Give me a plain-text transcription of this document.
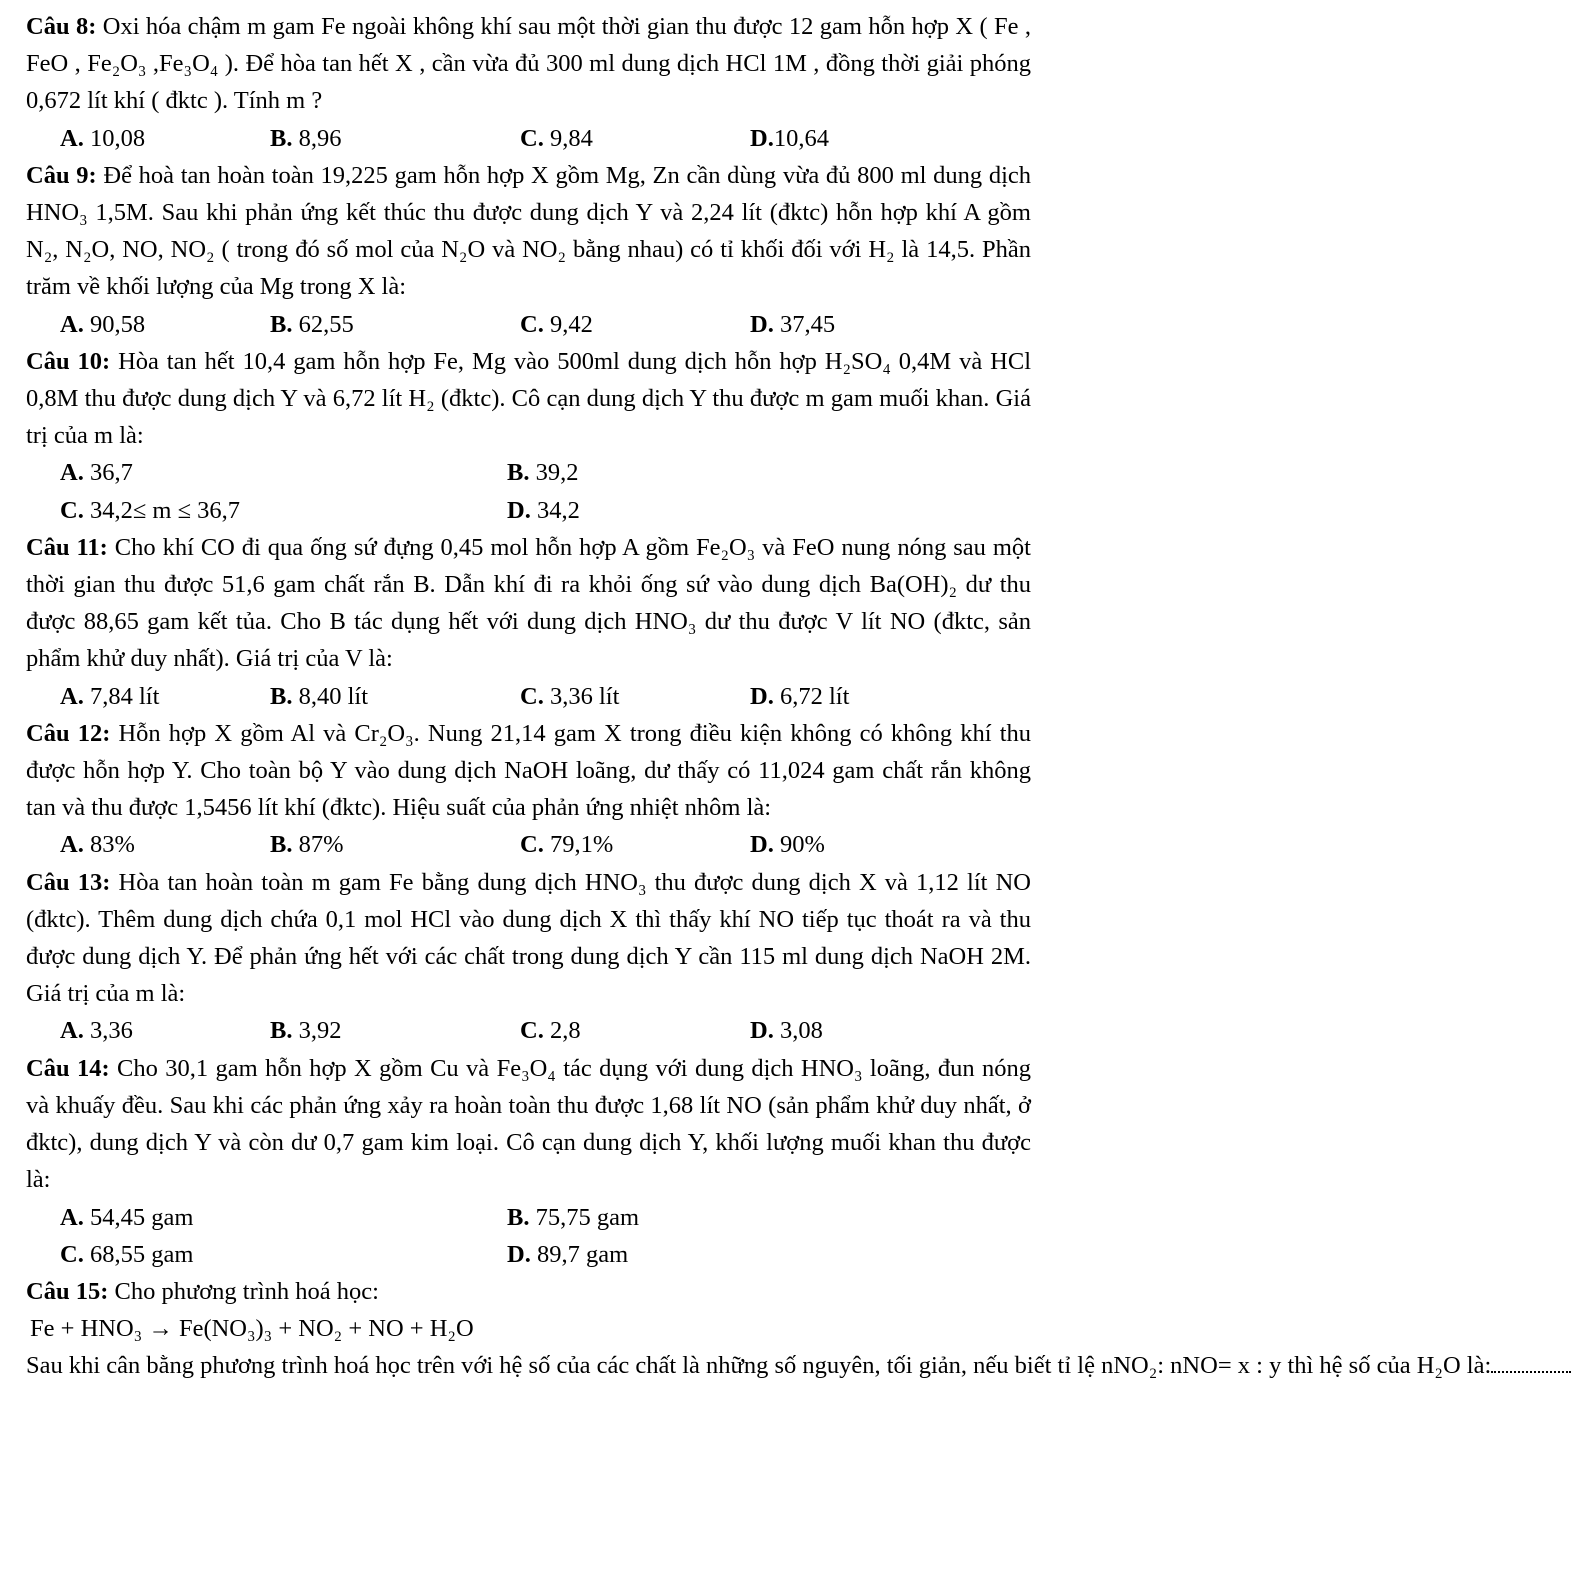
Câu 8: Oxi hóa chậm m gam Fe ngoài không khí sau một thời gian thu được 12 gam hỗn hợp X ( Fe , FeO , Fe₂O₃ ,Fe₃O₄ ). Để hòa tan hết X , cần vừa đủ 300 ml dung dịch HCl 1M , đồng thời giải phóng 0,672 lít khí ( đktc ). Tính m ?

A. 10,08	B. 8,96	C. 9,84	D.10,64

Câu 9: Để hoà tan hoàn toàn 19,225 gam hỗn hợp X gồm Mg, Zn cần dùng vừa đủ 800 ml dung dịch HNO₃ 1,5M. Sau khi phản ứng kết thúc thu được dung dịch Y và 2,24 lít (đktc) hỗn hợp khí A gồm N₂, N₂O, NO, NO₂ ( trong đó số mol của N₂O và NO₂ bằng nhau) có tỉ khối đối với H₂ là 14,5. Phần trăm về khối lượng của Mg trong X là:

A. 90,58	B. 62,55	C. 9,42	D. 37,45

Câu 10: Hòa tan hết 10,4 gam hỗn hợp Fe, Mg vào 500ml dung dịch hỗn hợp H₂SO₄ 0,4M và HCl 0,8M thu được dung dịch Y và 6,72 lít H₂ (đktc). Cô cạn dung dịch Y thu được m gam muối khan. Giá trị của m là:

A. 36,7	B. 39,2
C. 34,2≤ m ≤ 36,7	D. 34,2

Câu 11: Cho khí CO đi qua ống sứ đựng 0,45 mol hỗn hợp A gồm Fe₂O₃ và FeO nung nóng sau một thời gian thu được 51,6 gam chất rắn B. Dẫn khí đi ra khỏi ống sứ vào dung dịch Ba(OH)₂ dư thu được 88,65 gam kết tủa. Cho B tác dụng hết với dung dịch HNO₃ dư thu được V lít NO (đktc, sản phẩm khử duy nhất). Giá trị của V là:

A. 7,84 lít	B. 8,40 lít	C. 3,36 lít	D. 6,72 lít

Câu 12: Hỗn hợp X gồm Al và Cr₂O₃. Nung 21,14 gam X trong điều kiện không có không khí thu được hỗn hợp Y. Cho toàn bộ Y vào dung dịch NaOH loãng, dư thấy có 11,024 gam chất rắn không tan và thu được 1,5456 lít khí (đktc). Hiệu suất của phản ứng nhiệt nhôm là:

A. 83%	B. 87%	C. 79,1%	D. 90%

Câu 13: Hòa tan hoàn toàn m gam Fe bằng dung dịch HNO₃ thu được dung dịch X và 1,12 lít NO (đktc). Thêm dung dịch chứa 0,1 mol HCl vào dung dịch X thì thấy khí NO tiếp tục thoát ra và thu được dung dịch Y. Để phản ứng hết với các chất trong dung dịch Y cần 115 ml dung dịch NaOH 2M. Giá trị của m là:

A. 3,36	B. 3,92	C. 2,8	D. 3,08

Câu 14: Cho 30,1 gam hỗn hợp X gồm Cu và Fe₃O₄ tác dụng với dung dịch HNO₃ loãng, đun nóng và khuấy đều. Sau khi các phản ứng xảy ra hoàn toàn thu được 1,68 lít NO (sản phẩm khử duy nhất, ở đktc), dung dịch Y và còn dư 0,7 gam kim loại. Cô cạn dung dịch Y, khối lượng muối khan thu được là:

A. 54,45 gam	B. 75,75 gam
C. 68,55 gam	D. 89,7 gam

Câu 15: Cho phương trình hoá học:

Fe + HNO₃ → Fe(NO₃)₃ + NO₂ + NO + H₂O

Sau khi cân bằng phương trình hoá học trên với hệ số của các chất là những số nguyên, tối giản, nếu biết tỉ lệ nNO₂: nNO= x : y thì hệ số của H₂O là:
